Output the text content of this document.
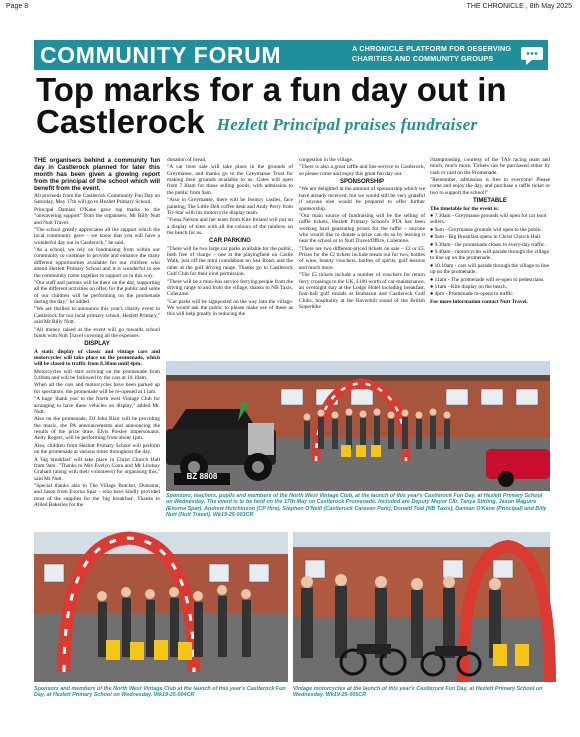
Page 8	THE CHRONICLE , 8th May 2025
COMMUNITY FORUM	A CHRONICLE PLATFORM FOR DESERVING CHARITIES AND COMMUNITY GROUPS
Top marks for a fun day out in
Castlerock Hezlett Principal praises fundraiser

THE organisers behind a community fun day in Castlerock planned for later this month has been given a glowing report from the principal of the school which will benefit from the event.

All proceeds from the Castlerock Community Fun Day on Saturday, May 17th will go to Hezlett Primary School.

Principal Damian O'Kane gave top marks to the "unwavering support" from the organisers, Mr Billy Nutt and Nutt Travel.

"The school greatly appreciates all the support which the local community gave – we know that you will have a wonderful day out in Castlerock," he said.

"As a school, we rely on fundraising from within our community to continue to provide and enhance the many different opportunities available for our children who attend Hezlett Primary School and it is wonderful to see the community come together to support us in this way.

"Our staff and parents will be there on the day, supporting all the different activities on offer, for the public and some of our children will be performing on the promenade during the day," he added.

"We are thrilled to announce this year's charity event in Castlerock for our local primary school, Hezlett Primary," said Mr Billy Nutt.

"All money raised at the event will go towards school funds with Nutt Travel covering all the expenses.

DISPLAY

A static display of classic and vintage cars and motorcycles will take place on the promenade, which will be closed to traffic from 8.30am until 4pm.

Motorcycles will start arriving on the promenade from 9.40am and will be followed by the cars at 10.10am.

When all the cars and motorcycles have been parked up for spectators, the promenade will be re-opened at 11am.

"A huge 'thank you' to the North west Vintage Club for arranging to have these vehicles on display," added Mr. Nutt.

Also on the promenade, DJ John Blair will be providing the music, the PA announcements and announcing the results of the prize draw. Elvis Presley impersonator, Andy Rogers, will be performing from about 1pm.

Also, children from Hezlett Primary School will perform on the promenade at various times throughout the day.

A 'big breakfast' will take place in Christ Church Hall from 9am. "Thanks to Mrs Evelyn Conn and Mr Lindsay Graham (along with their volunteers) for organising this," said Mr Nutt.

"Special thanks also to The Village Butcher, Dunnstar, and Jason from Exorna Spar – who have kindly provided most of the supplies for the 'big breakfast'. Thanks to Allied Bakeries for the

donation of bread.

"A car boot sale will take place in the grounds of Greymanse, and thanks go to the Greymanse Trust for making their grounds available to us. Gates will open from 7.30am for those selling goods, with admission to the public from 9am.

"Also in Greymanse, there will be bouncy castles, face painting, The Little Deli coffee desk and Andy Perry from Tri-Star with his motorcycle display team.

"Fiona Nelson and her team from Kite Ireland will put on a display of kites with all the colours of the rainbow on the beach for us.

CAR PARKING

"There will be two large car parks available for the public, both free of charge – one at the playingfield on Castle Walk, just off the mini roundabout on Sea Road, and the other at the golf driving range. Thanks go to Castlerock Golf Club for their kind permission.

"There will be a mini-bus service ferrying people from the driving range to and from the village, thanks to NB Taxis, Coleraine.

"Car parks will be signposted on the way into the village. We would ask the public to please make use of these as this will help greatly in reducing the

congestion in the village.

"There is also a great raffle and bus-service to Castlerock, so please come and enjoy this great fun day out.

SPONSORSHIP

"We are delighted at the amount of sponsorship which we have already received, but we would still be very grateful if anyone else would be prepared to offer further sponsorship.

"Our main source of fundraising will be the selling of raffle tickets. Hezlett Primary School's PTA has been working hard generating prizes for the raffle – anyone who would like to donate a prize can do so by leaving it near the school or to Nutt Travel/Office, Coleraine.

"There are two different-priced tickets on sale – £2 or £5. Prizes for the £2 tickets include meals out for two, bottles of wine, beauty vouchers, bottles of spirits, golf lessons and much more.

"The £5 tickets include a number of vouchers for return ferry crossings to the UK, £100 worth of car-maintenance, an overnight stay at the Lodge Hotel including breakfast, four-ball golf rounds at Brabazon and Castlerock Golf Clubs, hospitality at the Ravenhill round of the British Superbike

championship, courtesy of the TAS racing team and much, much more. Tickets can be purchased either by cash or card on the Promenade.

"Remember, admission is free to everyone! Please come and enjoy the day, and purchase a raffle ticket or two to support the school!"

TIMETABLE

The timetable for the event is:

● 7.30am - Greymanse grounds will open for car boot sellers.

● 9am - Greymanse grounds will open to the public.

● 9am - Big Breakfast opens in Christ Church Hall.

● 9.30am - the promenade closes to every-day traffic.

● 9.40am - motorcycles will parade through the village to line up on the promenade.

● 10.10am - cars will parade through the village to line up on the promenade.

● 11am - The promenade will re-open to pedestrians.

● 11am - Kite display on the beach.

● 4pm - Promenade re-opens to traffic.

For more information contact Nutt Travel.

BZ 8808
Sponsors, teachers, pupils and members of the North West Vintage Club, at the launch of this year's Castlerock Fun Day, at Hezlett Primary School on Wednesday. The event is to be held on the 17th May on Castlerock Promenade. Included are Deputy Mayor Cllr. Tanya Stirling, Jason Maguire (Exorna Spar), Andrew Hutchinson (CP Hire), Stephen O'Neill (Castlerock Caravan Park), Donald Toal (NB Taxis), Damian O'Kane (Principal) and Billy Nutt (Nutt Travel). Wk19-25-003CR
Sponsors and members of the North West Vintage Club at the launch of this year's Castlerock Fun Day, at Hezlett Primary School on Wednesday. Wk19-25-004CR
Vintage motorcycles at the launch of this year's Castlerock Fun Day, at Hezlett Primary School on Wednesday. Wk19-25-005CR
